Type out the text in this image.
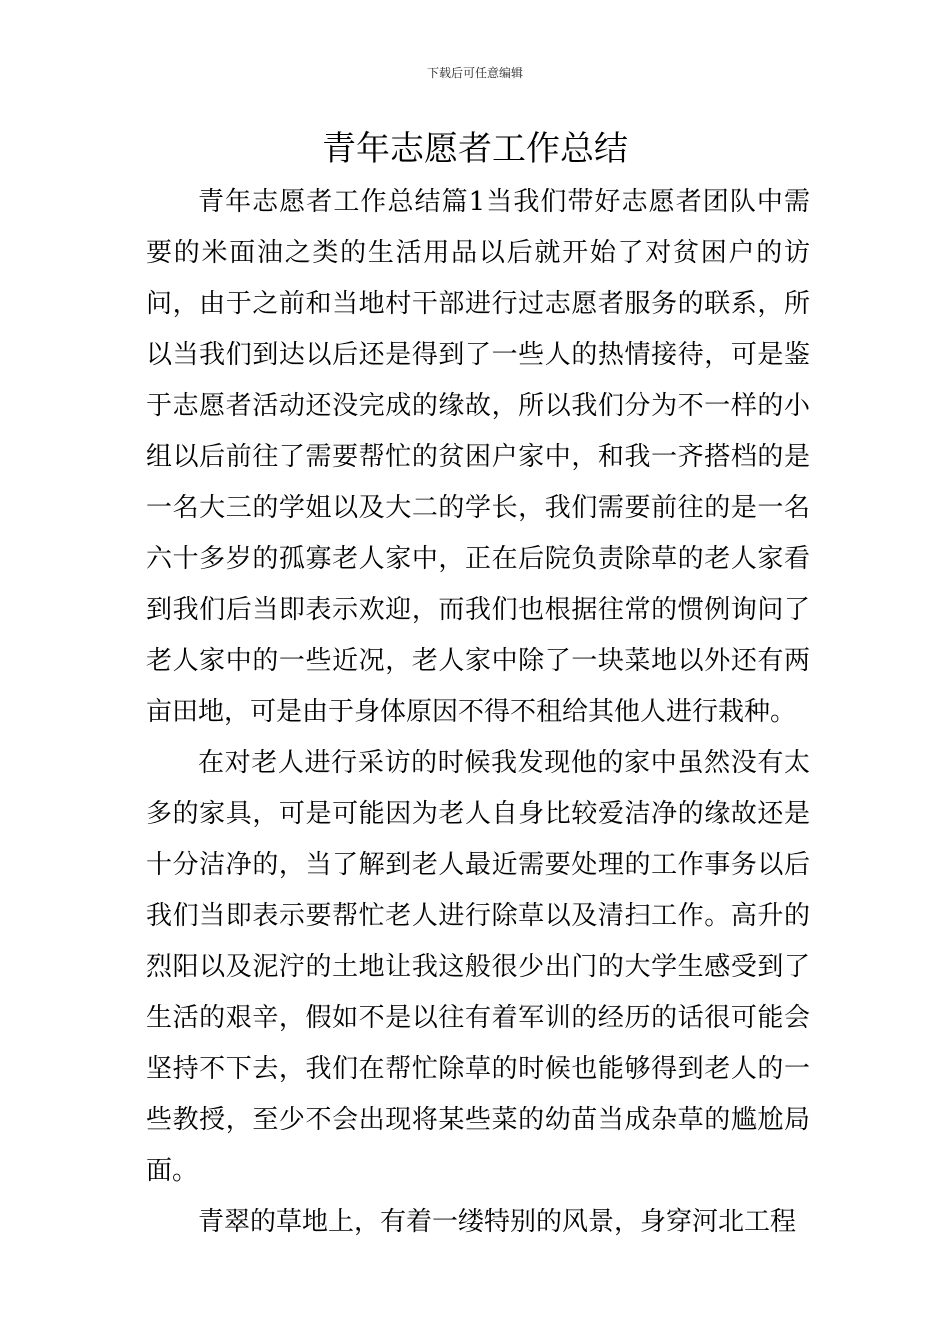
下载后可任意编辑
青年志愿者工作总结

青年志愿者工作总结篇1当我们带好志愿者团队中需要的米面油之类的生活用品以后就开始了对贫困户的访问，由于之前和当地村干部进行过志愿者服务的联系，所以当我们到达以后还是得到了一些人的热情接待，可是鉴于志愿者活动还没完成的缘故，所以我们分为不一样的小组以后前往了需要帮忙的贫困户家中，和我一齐搭档的是一名大三的学姐以及大二的学长，我们需要前往的是一名六十多岁的孤寡老人家中，正在后院负责除草的老人家看到我们后当即表示欢迎，而我们也根据往常的惯例询问了老人家中的一些近况，老人家中除了一块菜地以外还有两亩田地，可是由于身体原因不得不租给其他人进行栽种。

在对老人进行采访的时候我发现他的家中虽然没有太多的家具，可是可能因为老人自身比较爱洁净的缘故还是十分洁净的，当了解到老人最近需要处理的工作事务以后我们当即表示要帮忙老人进行除草以及清扫工作。高升的烈阳以及泥泞的土地让我这般很少出门的大学生感受到了生活的艰辛，假如不是以往有着军训的经历的话很可能会坚持不下去，我们在帮忙除草的时候也能够得到老人的一些教授，至少不会出现将某些菜的幼苗当成杂草的尴尬局面。

青翠的草地上，有着一缕特别的风景，身穿河北工程
